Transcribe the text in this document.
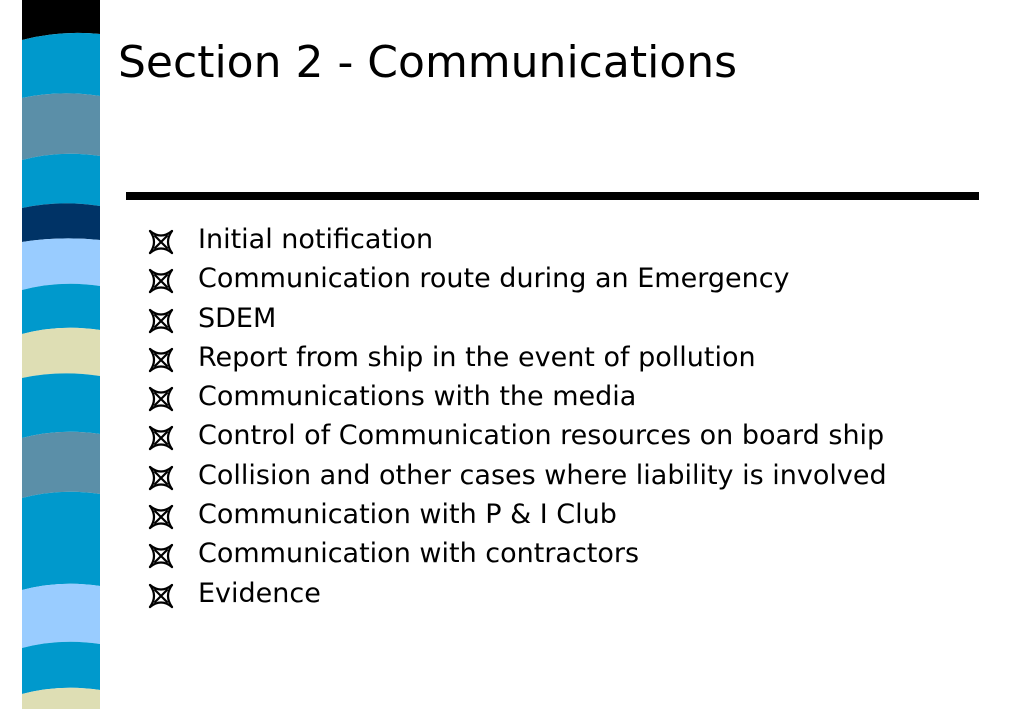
Section 2 - Communications
Initial notification
Communication route during an Emergency
SDEM
Report from ship in the event of pollution
Communications with the media
Control of Communication resources on board ship
Collision and other cases where liability is involved
Communication with P & I Club
Communication with contractors
Evidence
